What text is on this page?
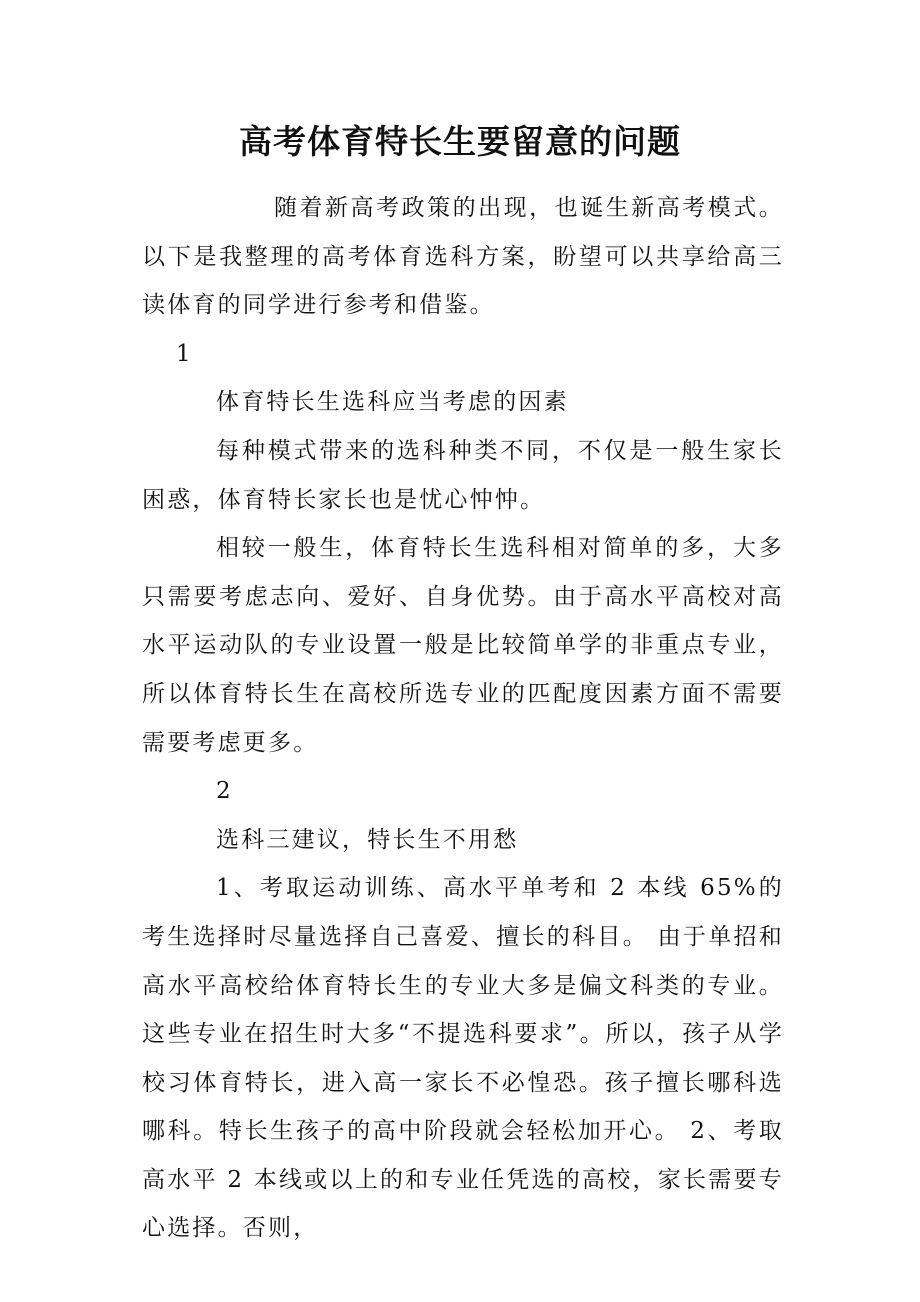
高考体育特长生要留意的问题

随着新高考政策的出现，也诞生新高考模式。以下是我整理的高考体育选科方案，盼望可以共享给高三读体育的同学进行参考和借鉴。

1

体育特长生选科应当考虑的因素

每种模式带来的选科种类不同，不仅是一般生家长困惑，体育特长家长也是忧心忡忡。

相较一般生，体育特长生选科相对简单的多，大多只需要考虑志向、爱好、自身优势。由于高水平高校对高水平运动队的专业设置一般是比较简单学的非重点专业，所以体育特长生在高校所选专业的匹配度因素方面不需要需要考虑更多。

2

选科三建议，特长生不用愁

1、考取运动训练、高水平单考和 2 本线 65%的考生选择时尽量选择自己喜爱、擅长的科目。 由于单招和高水平高校给体育特长生的专业大多是偏文科类的专业。这些专业在招生时大多“不提选科要求”。所以，孩子从学校习体育特长，进入高一家长不必惶恐。孩子擅长哪科选哪科。特长生孩子的高中阶段就会轻松加开心。 2、考取高水平 2 本线或以上的和专业任凭选的高校，家长需要专心选择。否则，
